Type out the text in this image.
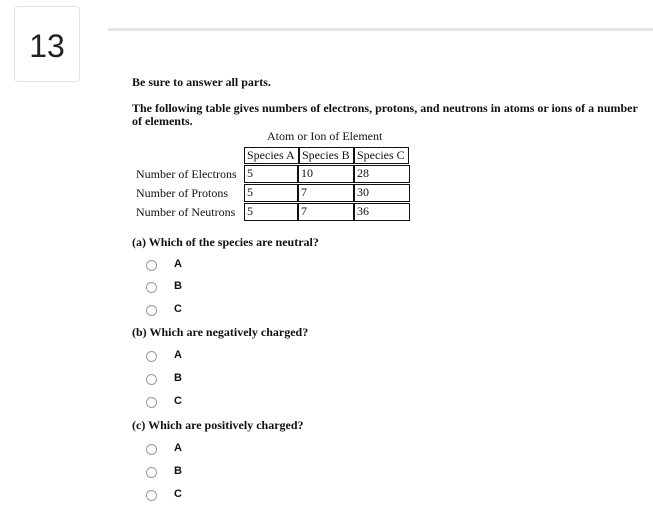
13
Be sure to answer all parts.
The following table gives numbers of electrons, protons, and neutrons in atoms or ions of a number of elements.
Atom or Ion of Element
Species A Species B Species C
Number of Electrons 5	10	28
Number of Protons 5	7	30
Number of Neutrons 5	7	36
(a) Which of the species are neutral?
A
B
C
(b) Which are negatively charged?
A
B
C
(c) Which are positively charged?
A
B
C
